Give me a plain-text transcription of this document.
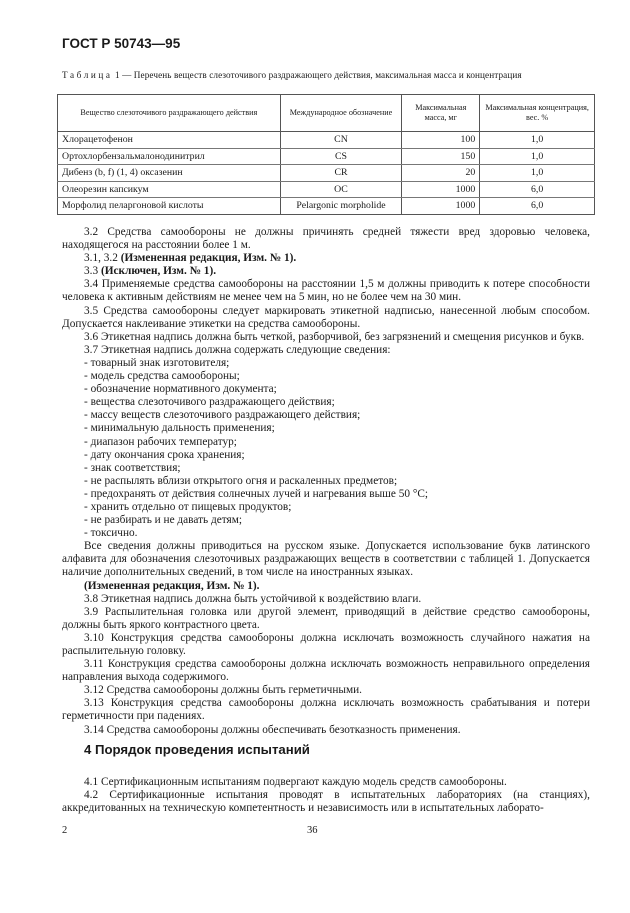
ГОСТ Р 50743—95
Таблица 1 — Перечень веществ слезоточивого раздражающего действия, максимальная масса и концентрация
Вещество слезоточивого раздражающего действия	Международное обозначение	Максимальная масса, мг	Максимальная концентрация, вес. %
Хлорацетофенон	CN	100	1,0
Ортохлорбензальмалонодинитрил	CS	150	1,0
Дибенз (b, f) (1, 4) оксазенин	CR	20	1,0
Олеорезин капсикум	OC	1000	6,0
Морфолид пеларгоновой кислоты	Pelargonic morpholide	1000	6,0

3.2 Средства самообороны не должны причинять средней тяжести вред здоровью человека, находящегося на расстоянии более 1 м.

3.1, 3.2 (Измененная редакция, Изм. № 1).

3.3 (Исключен, Изм. № 1).

3.4 Применяемые средства самообороны на расстоянии 1,5 м должны приводить к потере способности человека к активным действиям не менее чем на 5 мин, но не более чем на 30 мин.

3.5 Средства самообороны следует маркировать этикетной надписью, нанесенной любым способом. Допускается наклеивание этикетки на средства самообороны.

3.6 Этикетная надпись должна быть четкой, разборчивой, без загрязнений и смещения рисунков и букв.

3.7 Этикетная надпись должна содержать следующие сведения:

- товарный знак изготовителя;

- модель средства самообороны;

- обозначение нормативного документа;

- вещества слезоточивого раздражающего действия;

- массу веществ слезоточивого раздражающего действия;

- минимальную дальность применения;

- диапазон рабочих температур;

- дату окончания срока хранения;

- знак соответствия;

- не распылять вблизи открытого огня и раскаленных предметов;

- предохранять от действия солнечных лучей и нагревания выше 50 °C;

- хранить отдельно от пищевых продуктов;

- не разбирать и не давать детям;

- токсично.

Все сведения должны приводиться на русском языке. Допускается использование букв латинского алфавита для обозначения слезоточивых раздражающих веществ в соответствии с таблицей 1. Допускается наличие дополнительных сведений, в том числе на иностранных языках.

(Измененная редакция, Изм. № 1).

3.8 Этикетная надпись должна быть устойчивой к воздействию влаги.

3.9 Распылительная головка или другой элемент, приводящий в действие средство самообороны, должны быть яркого контрастного цвета.

3.10 Конструкция средства самообороны должна исключать возможность случайного нажатия на распылительную головку.

3.11 Конструкция средства самообороны должна исключать возможность неправильного определения направления выхода содержимого.

3.12 Средства самообороны должны быть герметичными.

3.13 Конструкция средства самообороны должна исключать возможность срабатывания и потери герметичности при падениях.

3.14 Средства самообороны должны обеспечивать безотказность применения.

4 Порядок проведения испытаний

4.1 Сертификационным испытаниям подвергают каждую модель средств самообороны.

4.2 Сертификационные испытания проводят в испытательных лабораториях (на станциях), аккредитованных на техническую компетентность и независимость или в испытательных лаборато-

2	36
